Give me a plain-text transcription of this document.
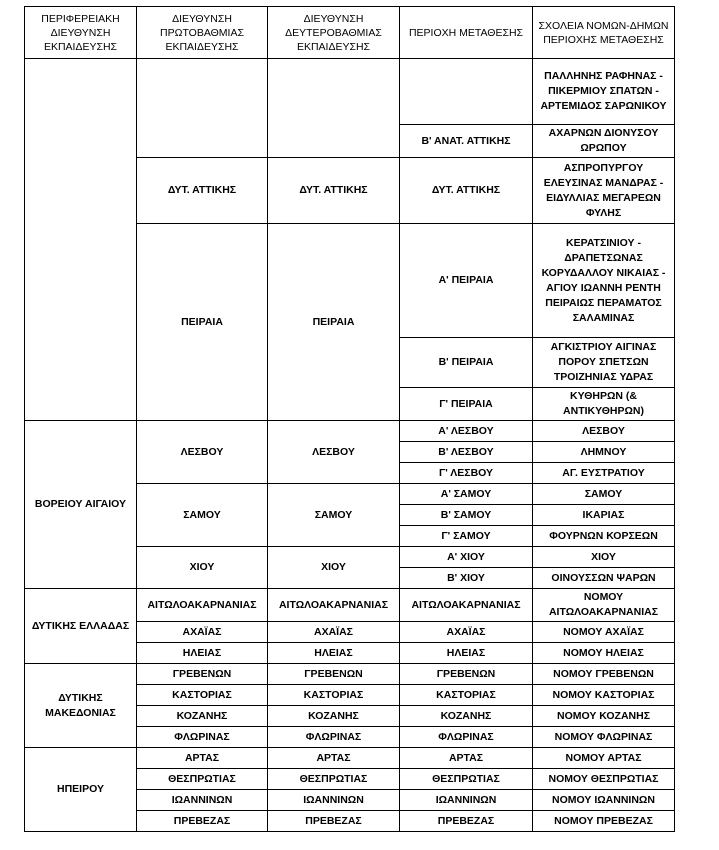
ΠΕΡΙΦΕΡΕΙΑΚΗ ΔΙΕΥΘΥΝΣΗ ΕΚΠΑΙΔΕΥΣΗΣ	ΔΙΕΥΘΥΝΣΗ ΠΡΩΤΟΒΑΘΜΙΑΣ ΕΚΠΑΙΔΕΥΣΗΣ	ΔΙΕΥΘΥΝΣΗ ΔΕΥΤΕΡΟΒΑΘΜΙΑΣ ΕΚΠΑΙΔΕΥΣΗΣ	ΠΕΡΙΟΧΗ ΜΕΤΑΘΕΣΗΣ	ΣΧΟΛΕΙΑ ΝΟΜΩΝ-ΔΗΜΩΝ ΠΕΡΙΟΧΗΣ ΜΕΤΑΘΕΣΗΣ
				ΠΑΛΛΗΝΗΣ ΡΑΦΗΝΑΣ - ΠΙΚΕΡΜΙΟΥ ΣΠΑΤΩΝ - ΑΡΤΕΜΙΔΟΣ ΣΑΡΩΝΙΚΟΥ
			Β' ΑΝΑΤ. ΑΤΤΙΚΗΣ	ΑΧΑΡΝΩΝ ΔΙΟΝΥΣΟΥ ΩΡΩΠΟΥ
	ΔΥΤ. ΑΤΤΙΚΗΣ	ΔΥΤ. ΑΤΤΙΚΗΣ	ΔΥΤ. ΑΤΤΙΚΗΣ	ΑΣΠΡΟΠΥΡΓΟΥ ΕΛΕΥΣΙΝΑΣ ΜΑΝΔΡΑΣ - ΕΙΔΥΛΛΙΑΣ ΜΕΓΑΡΕΩΝ ΦΥΛΗΣ
	ΠΕΙΡΑΙΑ	ΠΕΙΡΑΙΑ	Α' ΠΕΙΡΑΙΑ	ΚΕΡΑΤΣΙΝΙΟΥ - ΔΡΑΠΕΤΣΩΝΑΣ ΚΟΡΥΔΑΛΛΟΥ ΝΙΚΑΙΑΣ - ΑΓΙΟΥ ΙΩΑΝΝΗ ΡΕΝΤΗ ΠΕΙΡΑΙΩΣ ΠΕΡΑΜΑΤΟΣ ΣΑΛΑΜΙΝΑΣ
			Β' ΠΕΙΡΑΙΑ	ΑΓΚΙΣΤΡΙΟΥ ΑΙΓΙΝΑΣ ΠΟΡΟΥ ΣΠΕΤΣΩΝ ΤΡΟΙΖΗΝΙΑΣ ΥΔΡΑΣ
			Γ' ΠΕΙΡΑΙΑ	ΚΥΘΗΡΩΝ (& ΑΝΤΙΚΥΘΗΡΩΝ)

ΒΟΡΕΙΟΥ ΑΙΓΑΙΟΥ	ΛΕΣΒΟΥ	ΛΕΣΒΟΥ	Α' ΛΕΣΒΟΥ	ΛΕΣΒΟΥ
			Β' ΛΕΣΒΟΥ	ΛΗΜΝΟΥ
			Γ' ΛΕΣΒΟΥ	ΑΓ. ΕΥΣΤΡΑΤΙΟΥ
	ΣΑΜΟΥ	ΣΑΜΟΥ	Α' ΣΑΜΟΥ	ΣΑΜΟΥ
			Β' ΣΑΜΟΥ	ΙΚΑΡΙΑΣ
			Γ' ΣΑΜΟΥ	ΦΟΥΡΝΩΝ ΚΟΡΣΕΩΝ
	ΧΙΟΥ	ΧΙΟΥ	Α' ΧΙΟΥ	ΧΙΟΥ
			Β' ΧΙΟΥ	ΟΙΝΟΥΣΣΩΝ ΨΑΡΩΝ
ΔΥΤΙΚΗΣ ΕΛΛΑΔΑΣ	ΑΙΤΩΛΟΑΚΑΡΝΑΝΙΑΣ	ΑΙΤΩΛΟΑΚΑΡΝΑΝΙΑΣ	ΑΙΤΩΛΟΑΚΑΡΝΑΝΙΑΣ	ΝΟΜΟΥ ΑΙΤΩΛΟΑΚΑΡΝΑΝΙΑΣ
	ΑΧΑΪΑΣ	ΑΧΑΪΑΣ	ΑΧΑΪΑΣ	ΝΟΜΟΥ ΑΧΑΪΑΣ
	ΗΛΕΙΑΣ	ΗΛΕΙΑΣ	ΗΛΕΙΑΣ	ΝΟΜΟΥ ΗΛΕΙΑΣ
ΔΥΤΙΚΗΣ ΜΑΚΕΔΟΝΙΑΣ	ΓΡΕΒΕΝΩΝ	ΓΡΕΒΕΝΩΝ	ΓΡΕΒΕΝΩΝ	ΝΟΜΟΥ ΓΡΕΒΕΝΩΝ
	ΚΑΣΤΟΡΙΑΣ	ΚΑΣΤΟΡΙΑΣ	ΚΑΣΤΟΡΙΑΣ	ΝΟΜΟΥ ΚΑΣΤΟΡΙΑΣ
	ΚΟΖΑΝΗΣ	ΚΟΖΑΝΗΣ	ΚΟΖΑΝΗΣ	ΝΟΜΟΥ ΚΟΖΑΝΗΣ
	ΦΛΩΡΙΝΑΣ	ΦΛΩΡΙΝΑΣ	ΦΛΩΡΙΝΑΣ	ΝΟΜΟΥ ΦΛΩΡΙΝΑΣ
ΗΠΕΙΡΟΥ	ΑΡΤΑΣ	ΑΡΤΑΣ	ΑΡΤΑΣ	ΝΟΜΟΥ ΑΡΤΑΣ
	ΘΕΣΠΡΩΤΙΑΣ	ΘΕΣΠΡΩΤΙΑΣ	ΘΕΣΠΡΩΤΙΑΣ	ΝΟΜΟΥ ΘΕΣΠΡΩΤΙΑΣ
	ΙΩΑΝΝΙΝΩΝ	ΙΩΑΝΝΙΝΩΝ	ΙΩΑΝΝΙΝΩΝ	ΝΟΜΟΥ ΙΩΑΝΝΙΝΩΝ
	ΠΡΕΒΕΖΑΣ	ΠΡΕΒΕΖΑΣ	ΠΡΕΒΕΖΑΣ	ΝΟΜΟΥ ΠΡΕΒΕΖΑΣ
